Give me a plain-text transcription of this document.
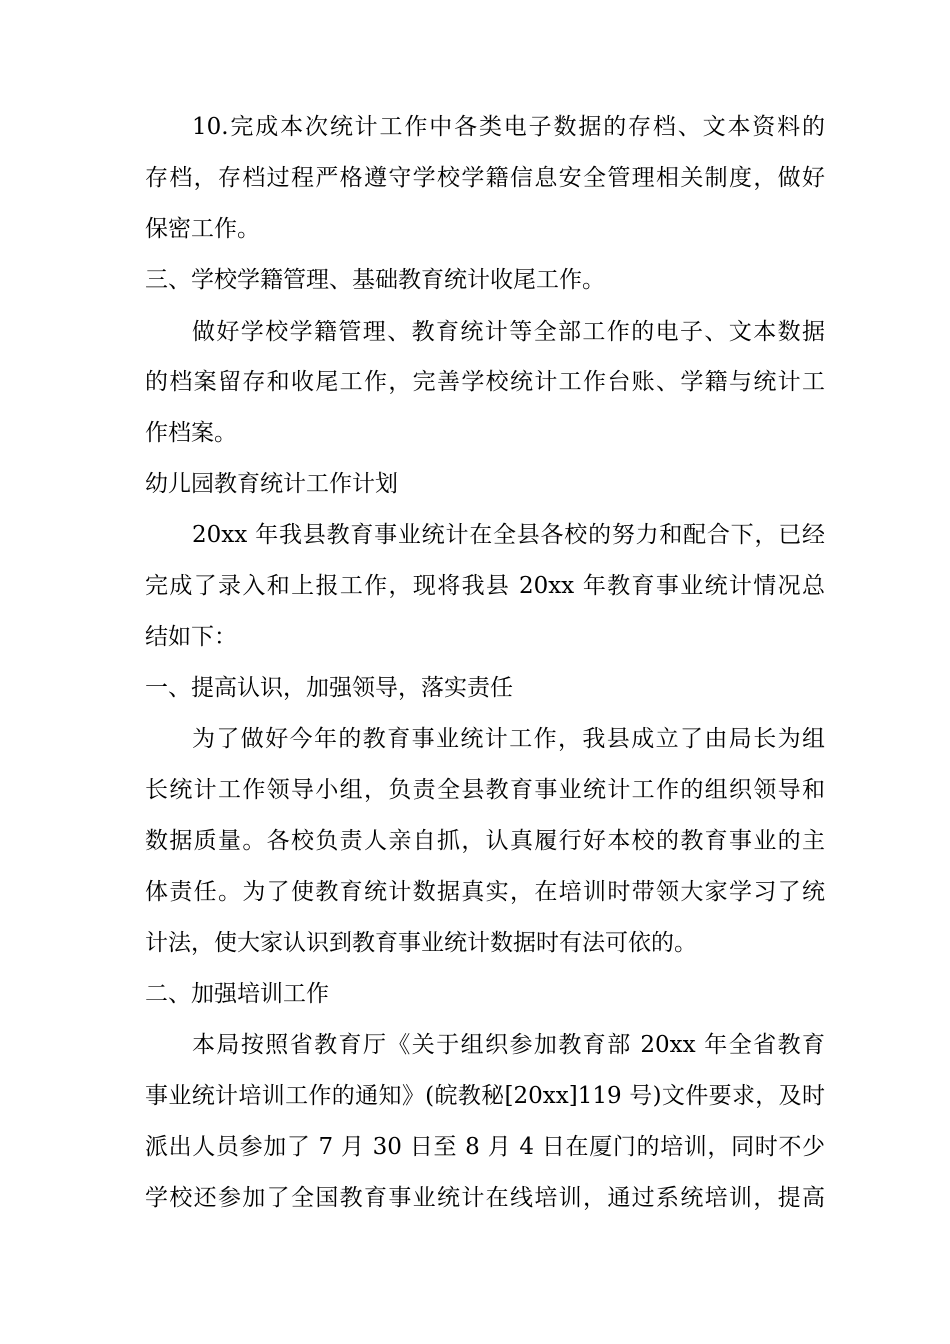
10.完成本次统计工作中各类电子数据的存档、文本资料的
存档，存档过程严格遵守学校学籍信息安全管理相关制度，做好
保密工作。
三、学校学籍管理、基础教育统计收尾工作。
做好学校学籍管理、教育统计等全部工作的电子、文本数据
的档案留存和收尾工作，完善学校统计工作台账、学籍与统计工
作档案。
幼儿园教育统计工作计划
20xx 年我县教育事业统计在全县各校的努力和配合下，已经
完成了录入和上报工作，现将我县 20xx 年教育事业统计情况总
结如下：
一、提高认识，加强领导，落实责任
为了做好今年的教育事业统计工作，我县成立了由局长为组
长统计工作领导小组，负责全县教育事业统计工作的组织领导和
数据质量。各校负责人亲自抓，认真履行好本校的教育事业的主
体责任。为了使教育统计数据真实，在培训时带领大家学习了统
计法，使大家认识到教育事业统计数据时有法可依的。
二、加强培训工作
本局按照省教育厅《关于组织参加教育部 20xx 年全省教育
事业统计培训工作的通知》(皖教秘[20xx]119 号)文件要求，及时
派出人员参加了 7 月 30 日至 8 月 4 日在厦门的培训，同时不少
学校还参加了全国教育事业统计在线培训，通过系统培训，提高
